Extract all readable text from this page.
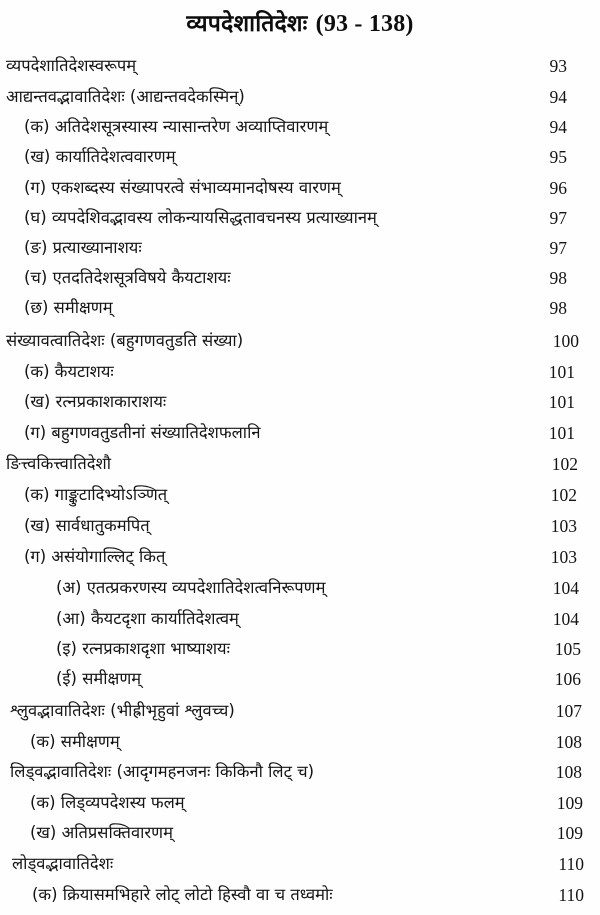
व्यपदेशातिदेशः (93 - 138)
व्यपदेशातिदेशस्वरूपम्	93
आद्यन्तवद्भावातिदेशः (आद्यन्तवदेकस्मिन्)	94
(क) अतिदेशसूत्रस्यास्य न्यासान्तरेण अव्याप्तिवारणम्	94
(ख) कार्यातिदेशत्ववारणम्	95
(ग) एकशब्दस्य संख्यापरत्वे संभाव्यमानदोषस्य वारणम्	96
(घ) व्यपदेशिवद्भावस्य लोकन्यायसिद्धतावचनस्य प्रत्याख्यानम्	97
(ङ) प्रत्याख्यानाशयः	97
(च) एतदतिदेशसूत्रविषये कैयटाशयः	98
(छ) समीक्षणम्	98
संख्यावत्वातिदेशः (बहुगणवतुडति संख्या)	100
(क) कैयटाशयः	101
(ख) रत्नप्रकाशकाराशयः	101
(ग) बहुगणवतुडतीनां संख्यातिदेशफलानि	101
ङित्त्वकित्त्वातिदेशौ	102
(क) गाङ्कुटादिभ्योऽञ्णित्	102
(ख) सार्वधातुकमपित्	103
(ग) असंयोगाल्लिट् कित्	103
(अ) एतत्प्रकरणस्य व्यपदेशातिदेशत्वनिरूपणम्	104
(आ) कैयटदृशा कार्यातिदेशत्वम्	104
(इ) रत्नप्रकाशदृशा भाष्याशयः	105
(ई) समीक्षणम्	106
श्लुवद्भावातिदेशः (भीह्रीभृहुवां श्लुवच्च)	107
(क) समीक्षणम्	108
लिड्वद्भावातिदेशः (आदृगमहनजनः किकिनौ लिट् च)	108
(क) लिड्व्यपदेशस्य फलम्	109
(ख) अतिप्रसक्तिवारणम्	109
लोड्वद्भावातिदेशः	110
(क) क्रियासमभिहारे लोट् लोटो हिस्वौ वा च तध्वमोः	110
